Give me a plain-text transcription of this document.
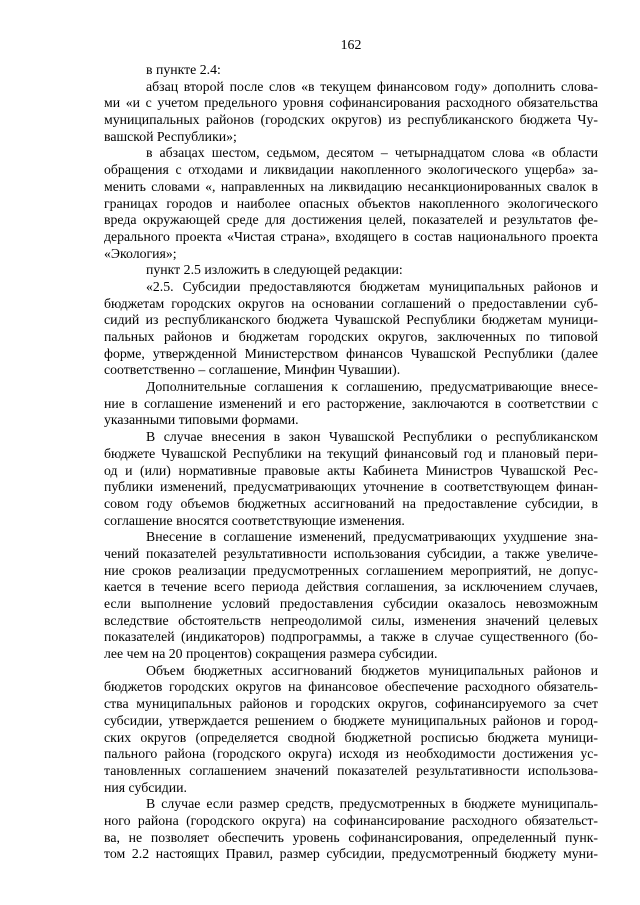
162
в пункте 2.4:
абзац второй после слов «в текущем финансовом году» дополнить слова-
ми «и с учетом предельного уровня софинансирования расходного обязательства
муниципальных районов (городских округов) из республиканского бюджета Чу-
вашской Республики»;
в абзацах шестом, седьмом, десятом – четырнадцатом слова «в области
обращения с отходами и ликвидации накопленного экологического ущерба» за-
менить словами «, направленных на ликвидацию несанкционированных свалок в
границах городов и наиболее опасных объектов накопленного экологического
вреда окружающей среде для достижения целей, показателей и результатов фе-
дерального проекта «Чистая страна», входящего в состав национального проекта
«Экология»;
пункт 2.5 изложить в следующей редакции:
«2.5. Субсидии предоставляются бюджетам муниципальных районов и
бюджетам городских округов на основании соглашений о предоставлении суб-
сидий из республиканского бюджета Чувашской Республики бюджетам муници-
пальных районов и бюджетам городских округов, заключенных по типовой
форме, утвержденной Министерством финансов Чувашской Республики (далее
соответственно – соглашение, Минфин Чувашии).
Дополнительные соглашения к соглашению, предусматривающие внесе-
ние в соглашение изменений и его расторжение, заключаются в соответствии с
указанными типовыми формами.
В случае внесения в закон Чувашской Республики о республиканском
бюджете Чувашской Республики на текущий финансовый год и плановый пери-
од и (или) нормативные правовые акты Кабинета Министров Чувашской Рес-
публики изменений, предусматривающих уточнение в соответствующем финан-
совом году объемов бюджетных ассигнований на предоставление субсидии, в
соглашение вносятся соответствующие изменения.
Внесение в соглашение изменений, предусматривающих ухудшение зна-
чений показателей результативности использования субсидии, а также увеличе-
ние сроков реализации предусмотренных соглашением мероприятий, не допус-
кается в течение всего периода действия соглашения, за исключением случаев,
если выполнение условий предоставления субсидии оказалось невозможным
вследствие обстоятельств непреодолимой силы, изменения значений целевых
показателей (индикаторов) подпрограммы, а также в случае существенного (бо-
лее чем на 20 процентов) сокращения размера субсидии.
Объем бюджетных ассигнований бюджетов муниципальных районов и
бюджетов городских округов на финансовое обеспечение расходного обязатель-
ства муниципальных районов и городских округов, софинансируемого за счет
субсидии, утверждается решением о бюджете муниципальных районов и город-
ских округов (определяется сводной бюджетной росписью бюджета муници-
пального района (городского округа) исходя из необходимости достижения ус-
тановленных соглашением значений показателей результативности использова-
ния субсидии.
В случае если размер средств, предусмотренных в бюджете муниципаль-
ного района (городского округа) на софинансирование расходного обязательст-
ва, не позволяет обеспечить уровень софинансирования, определенный пунк-
том 2.2 настоящих Правил, размер субсидии, предусмотренный бюджету муни-
